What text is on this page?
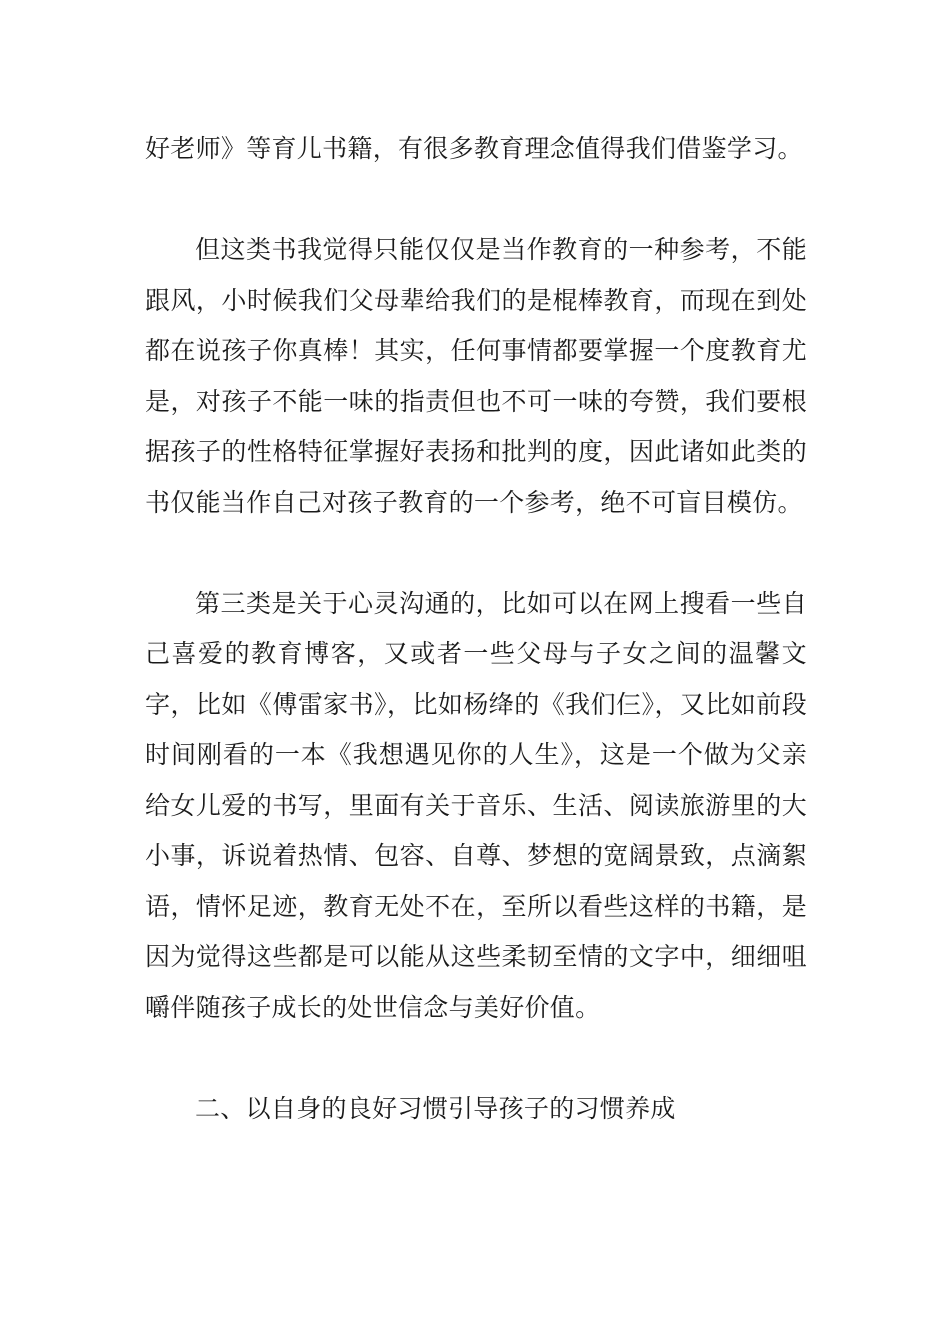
好老师》等育儿书籍，有很多教育理念值得我们借鉴学习。

但这类书我觉得只能仅仅是当作教育的一种参考，不能跟风，小时候我们父母辈给我们的是棍棒教育，而现在到处都在说孩子你真棒！其实，任何事情都要掌握一个度教育尤是，对孩子不能一味的指责但也不可一味的夸赞，我们要根据孩子的性格特征掌握好表扬和批判的度，因此诸如此类的书仅能当作自己对孩子教育的一个参考，绝不可盲目模仿。

第三类是关于心灵沟通的，比如可以在网上搜看一些自己喜爱的教育博客，又或者一些父母与子女之间的温馨文字，比如《傅雷家书》，比如杨绛的《我们仨》，又比如前段时间刚看的一本《我想遇见你的人生》，这是一个做为父亲给女儿爱的书写，里面有关于音乐、生活、阅读旅游里的大小事，诉说着热情、包容、自尊、梦想的宽阔景致，点滴絮语，情怀足迹，教育无处不在，至所以看些这样的书籍，是因为觉得这些都是可以能从这些柔韧至情的文字中，细细咀嚼伴随孩子成长的处世信念与美好价值。

二、以自身的良好习惯引导孩子的习惯养成
